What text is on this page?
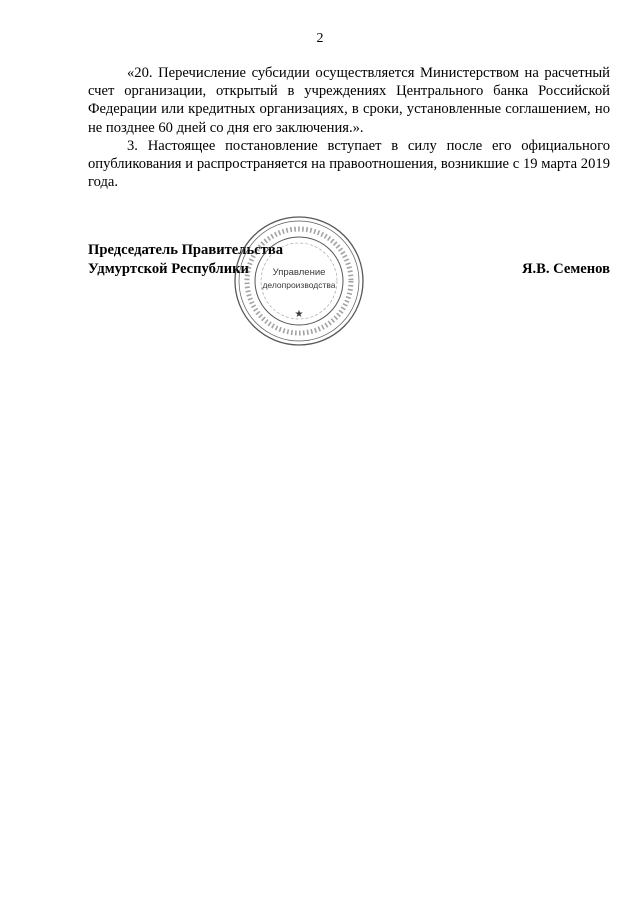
2

«20. Перечисление субсидии осуществляется Министерством на расчетный счет организации, открытый в учреждениях Центрального банка Российской Федерации или кредитных организациях, в сроки, установленные соглашением, но не позднее 60 дней со дня его заключения.».

3. Настоящее постановление вступает в силу после его официального опубликования и распространяется на правоотношения, возникшие с 19 марта 2019 года.

Председатель Правительства
Удмуртской Республики	Я.В. Семенов
Управление
делопроизводства
★
